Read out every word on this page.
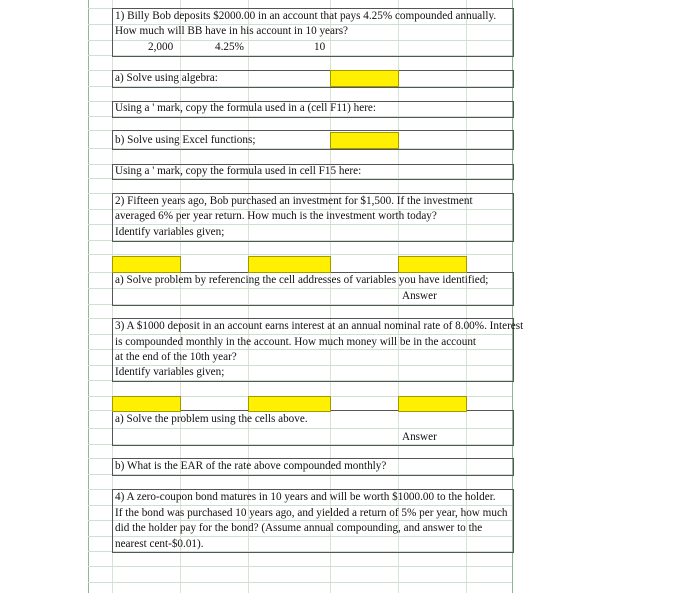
1) Billy Bob deposits $2000.00 in an account that pays 4.25% compounded annually.
How much will BB have in his account in 10 years?
2,000	4.25%	10
a) Solve using algebra:
Using a ' mark, copy the formula used in a (cell F11) here:
b) Solve using Excel functions;
Using a ' mark, copy the formula used in cell F15 here:
2) Fifteen years ago, Bob purchased an investment for $1,500. If the investment
averaged 6% per year return. How much is the investment worth today?
Identify variables given;
a) Solve problem by referencing the cell addresses of variables you have identified;
Answer
3) A $1000 deposit in an account earns interest at an annual nominal rate of 8.00%. Interest
is compounded monthly in the account. How much money will be in the account
at the end of the 10th year?
Identify variables given;
a) Solve the problem using the cells above.
Answer
b) What is the EAR of the rate above compounded monthly?
4) A zero-coupon bond matures in 10 years and will be worth $1000.00 to the holder.
If the bond was purchased 10 years ago, and yielded a return of 5% per year, how much
did the holder pay for the bond? (Assume annual compounding, and answer to the
nearest cent-$0.01).
